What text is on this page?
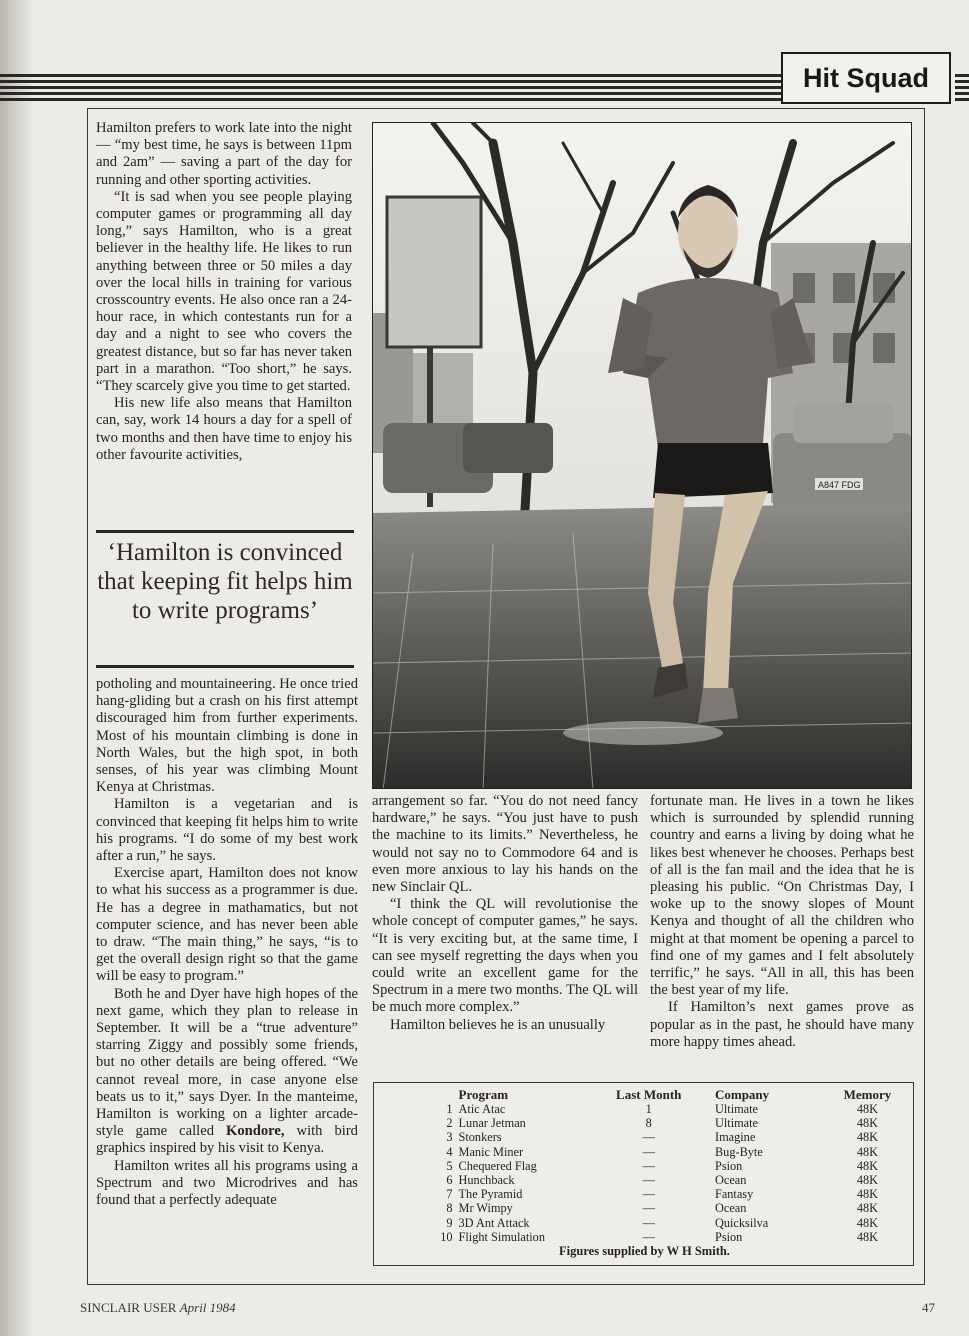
Hit Squad

Hamilton prefers to work late into the night — “my best time, he says is between 11pm and 2am” — saving a part of the day for running and other sporting activities.

“It is sad when you see people playing computer games or programming all day long,” says Hamilton, who is a great believer in the healthy life. He likes to run anything between three or 50 miles a day over the local hills in training for various crosscountry events. He also once ran a 24-hour race, in which contestants run for a day and a night to see who covers the greatest distance, but so far has never taken part in a marathon. “Too short,” he says. “They scarcely give you time to get started.

His new life also means that Hamilton can, say, work 14 hours a day for a spell of two months and then have time to enjoy his other favourite activities,

‘Hamilton is convinced that keeping fit helps him to write programs’

potholing and mountaineering. He once tried hang-gliding but a crash on his first attempt discouraged him from further experiments. Most of his mountain climbing is done in North Wales, but the high spot, in both senses, of his year was climbing Mount Kenya at Christmas.

Hamilton is a vegetarian and is convinced that keeping fit helps him to write his programs. “I do some of my best work after a run,” he says.

Exercise apart, Hamilton does not know to what his success as a programmer is due. He has a degree in mathamatics, but not computer science, and has never been able to draw. “The main thing,” he says, “is to get the overall design right so that the game will be easy to program.”

Both he and Dyer have high hopes of the next game, which they plan to release in September. It will be a “true adventure” starring Ziggy and possibly some friends, but no other details are being offered. “We cannot reveal more, in case anyone else beats us to it,” says Dyer. In the manteime, Hamilton is working on a lighter arcade-style game called Kondore, with bird graphics inspired by his visit to Kenya.

Hamilton writes all his programs using a Spectrum and two Microdrives and has found that a perfectly adequate

A847 FDG

arrangement so far. “You do not need fancy hardware,” he says. “You just have to push the machine to its limits.” Nevertheless, he would not say no to Commodore 64 and is even more anxious to lay his hands on the new Sinclair QL.

“I think the QL will revolutionise the whole concept of computer games,” he says. “It is very exciting but, at the same time, I can see myself regretting the days when you could write an excellent game for the Spectrum in a mere two months. The QL will be much more complex.”

Hamilton believes he is an unusually

fortunate man. He lives in a town he likes which is surrounded by splendid running country and earns a living by doing what he likes best whenever he chooses. Perhaps best of all is the fan mail and the idea that he is pleasing his public. “On Christmas Day, I woke up to the snowy slopes of Mount Kenya and thought of all the children who might at that moment be opening a parcel to find one of my games and I felt absolutely terrific,” he says. “All in all, this has been the best year of my life.

If Hamilton’s next games prove as popular as in the past, he should have many more happy times ahead.

	Program	Last Month	Company	Memory
1	Atic Atac	1	Ultimate	48K
2	Lunar Jetman	8	Ultimate	48K
3	Stonkers	—	Imagine	48K
4	Manic Miner	—	Bug-Byte	48K
5	Chequered Flag	—	Psion	48K
6	Hunchback	—	Ocean	48K
7	The Pyramid	—	Fantasy	48K
8	Mr Wimpy	—	Ocean	48K
9	3D Ant Attack	—	Quicksilva	48K
10	Flight Simulation	—	Psion	48K
Figures supplied by W H Smith.
SINCLAIR USER April 1984	47
